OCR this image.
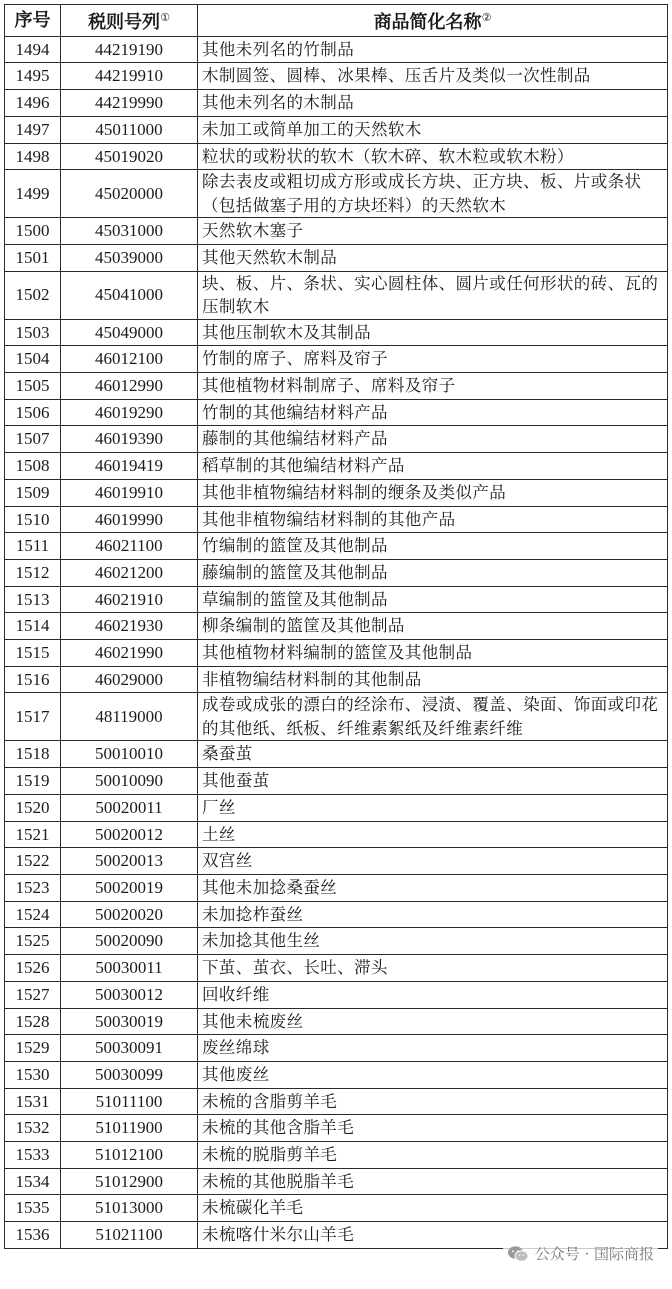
序号	税则号列①	商品简化名称②
1494	44219190	其他未列名的竹制品
1495	44219910	木制圆签、圆棒、冰果棒、压舌片及类似一次性制品
1496	44219990	其他未列名的木制品
1497	45011000	未加工或简单加工的天然软木
1498	45019020	粒状的或粉状的软木（软木碎、软木粒或软木粉）
1499	45020000	除去表皮或粗切成方形或成长方块、正方块、板、片或条状（包括做塞子用的方块坯料）的天然软木
1500	45031000	天然软木塞子
1501	45039000	其他天然软木制品
1502	45041000	块、板、片、条状、实心圆柱体、圆片或任何形状的砖、瓦的压制软木
1503	45049000	其他压制软木及其制品
1504	46012100	竹制的席子、席料及帘子
1505	46012990	其他植物材料制席子、席料及帘子
1506	46019290	竹制的其他编结材料产品
1507	46019390	藤制的其他编结材料产品
1508	46019419	稻草制的其他编结材料产品
1509	46019910	其他非植物编结材料制的缏条及类似产品
1510	46019990	其他非植物编结材料制的其他产品
1511	46021100	竹编制的篮筐及其他制品
1512	46021200	藤编制的篮筐及其他制品
1513	46021910	草编制的篮筐及其他制品
1514	46021930	柳条编制的篮筐及其他制品
1515	46021990	其他植物材料编制的篮筐及其他制品
1516	46029000	非植物编结材料制的其他制品
1517	48119000	成卷或成张的漂白的经涂布、浸渍、覆盖、染面、饰面或印花的其他纸、纸板、纤维素絮纸及纤维素纤维
1518	50010010	桑蚕茧
1519	50010090	其他蚕茧
1520	50020011	厂丝
1521	50020012	土丝
1522	50020013	双宫丝
1523	50020019	其他未加捻桑蚕丝
1524	50020020	未加捻柞蚕丝
1525	50020090	未加捻其他生丝
1526	50030011	下茧、茧衣、长吐、滞头
1527	50030012	回收纤维
1528	50030019	其他未梳废丝
1529	50030091	废丝绵球
1530	50030099	其他废丝
1531	51011100	未梳的含脂剪羊毛
1532	51011900	未梳的其他含脂羊毛
1533	51012100	未梳的脱脂剪羊毛
1534	51012900	未梳的其他脱脂羊毛
1535	51013000	未梳碳化羊毛
1536	51021100	未梳喀什米尔山羊毛
公众号 · 国际商报
